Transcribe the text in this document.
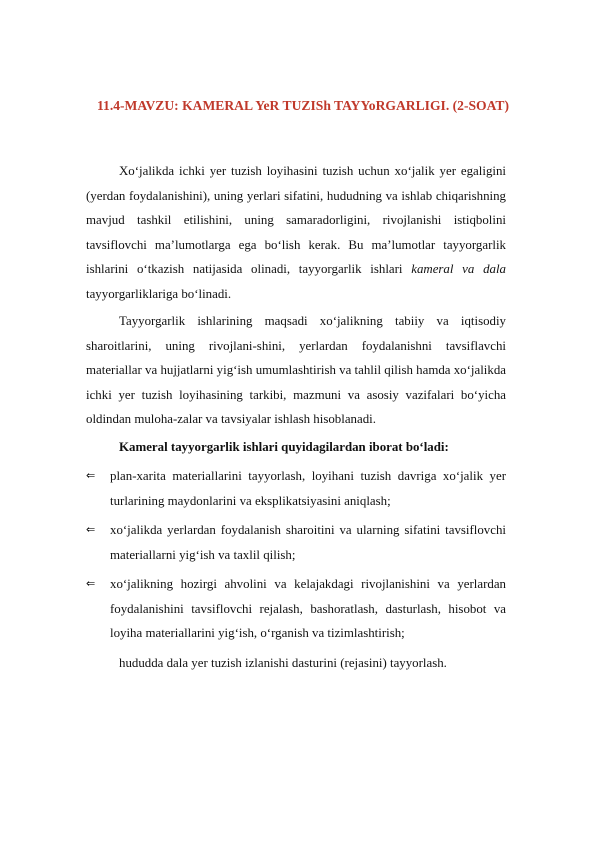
11.4-MAVZU: KAMERAL YeR TUZISh TAYYoRGARLIGI. (2-SOAT)

Xo‘jalikda ichki yer tuzish loyihasini tuzish uchun xo‘jalik yer egaligini (yerdan foydalanishini), uning yerlari sifatini, hududning va ishlab chiqarishning mavjud tashkil etilishini, uning samaradorligini, rivojlanishi istiqbolini tavsiflovchi ma’lumotlarga ega bo‘lish kerak. Bu ma’lumotlar tayyorgarlik ishlarini o‘tkazish natijasida olinadi, tayyorgarlik ishlari kameral va dala tayyorgarliklariga bo‘linadi.

Tayyorgarlik ishlarining maqsadi xo‘jalikning tabiiy va iqtisodiy sharoitlarini, uning rivojlani-shini, yerlardan foydalanishni tavsiflavchi materiallar va hujjatlarni yig‘ish umumlashtirish va tahlil qilish hamda xo‘jalikda ichki yer tuzish loyihasining tarkibi, mazmuni va asosiy vazifalari bo‘yicha oldindan muloha-zalar va tavsiyalar ishlash hisoblanadi.

Kameral tayyorgarlik ishlari quyidagilardan iborat bo‘ladi:

⇐ plan-xarita materiallarini tayyorlash, loyihani tuzish davriga xo‘jalik yer turlarining maydonlarini va eksplikatsiyasini aniqlash;
⇐ xo‘jalikda yerlardan foydalanish sharoitini va ularning sifatini tavsiflovchi materiallarni yig‘ish va taxlil qilish;
⇐ xo‘jalikning hozirgi ahvolini va kelajakdagi rivojlanishini va yerlardan foydalanishini tavsiflovchi rejalash, bashoratlash, dasturlash, hisobot va loyiha materiallarini yig‘ish, o‘rganish va tizimlashtirish;

hududda dala yer tuzish izlanishi dasturini (rejasini) tayyorlash.
